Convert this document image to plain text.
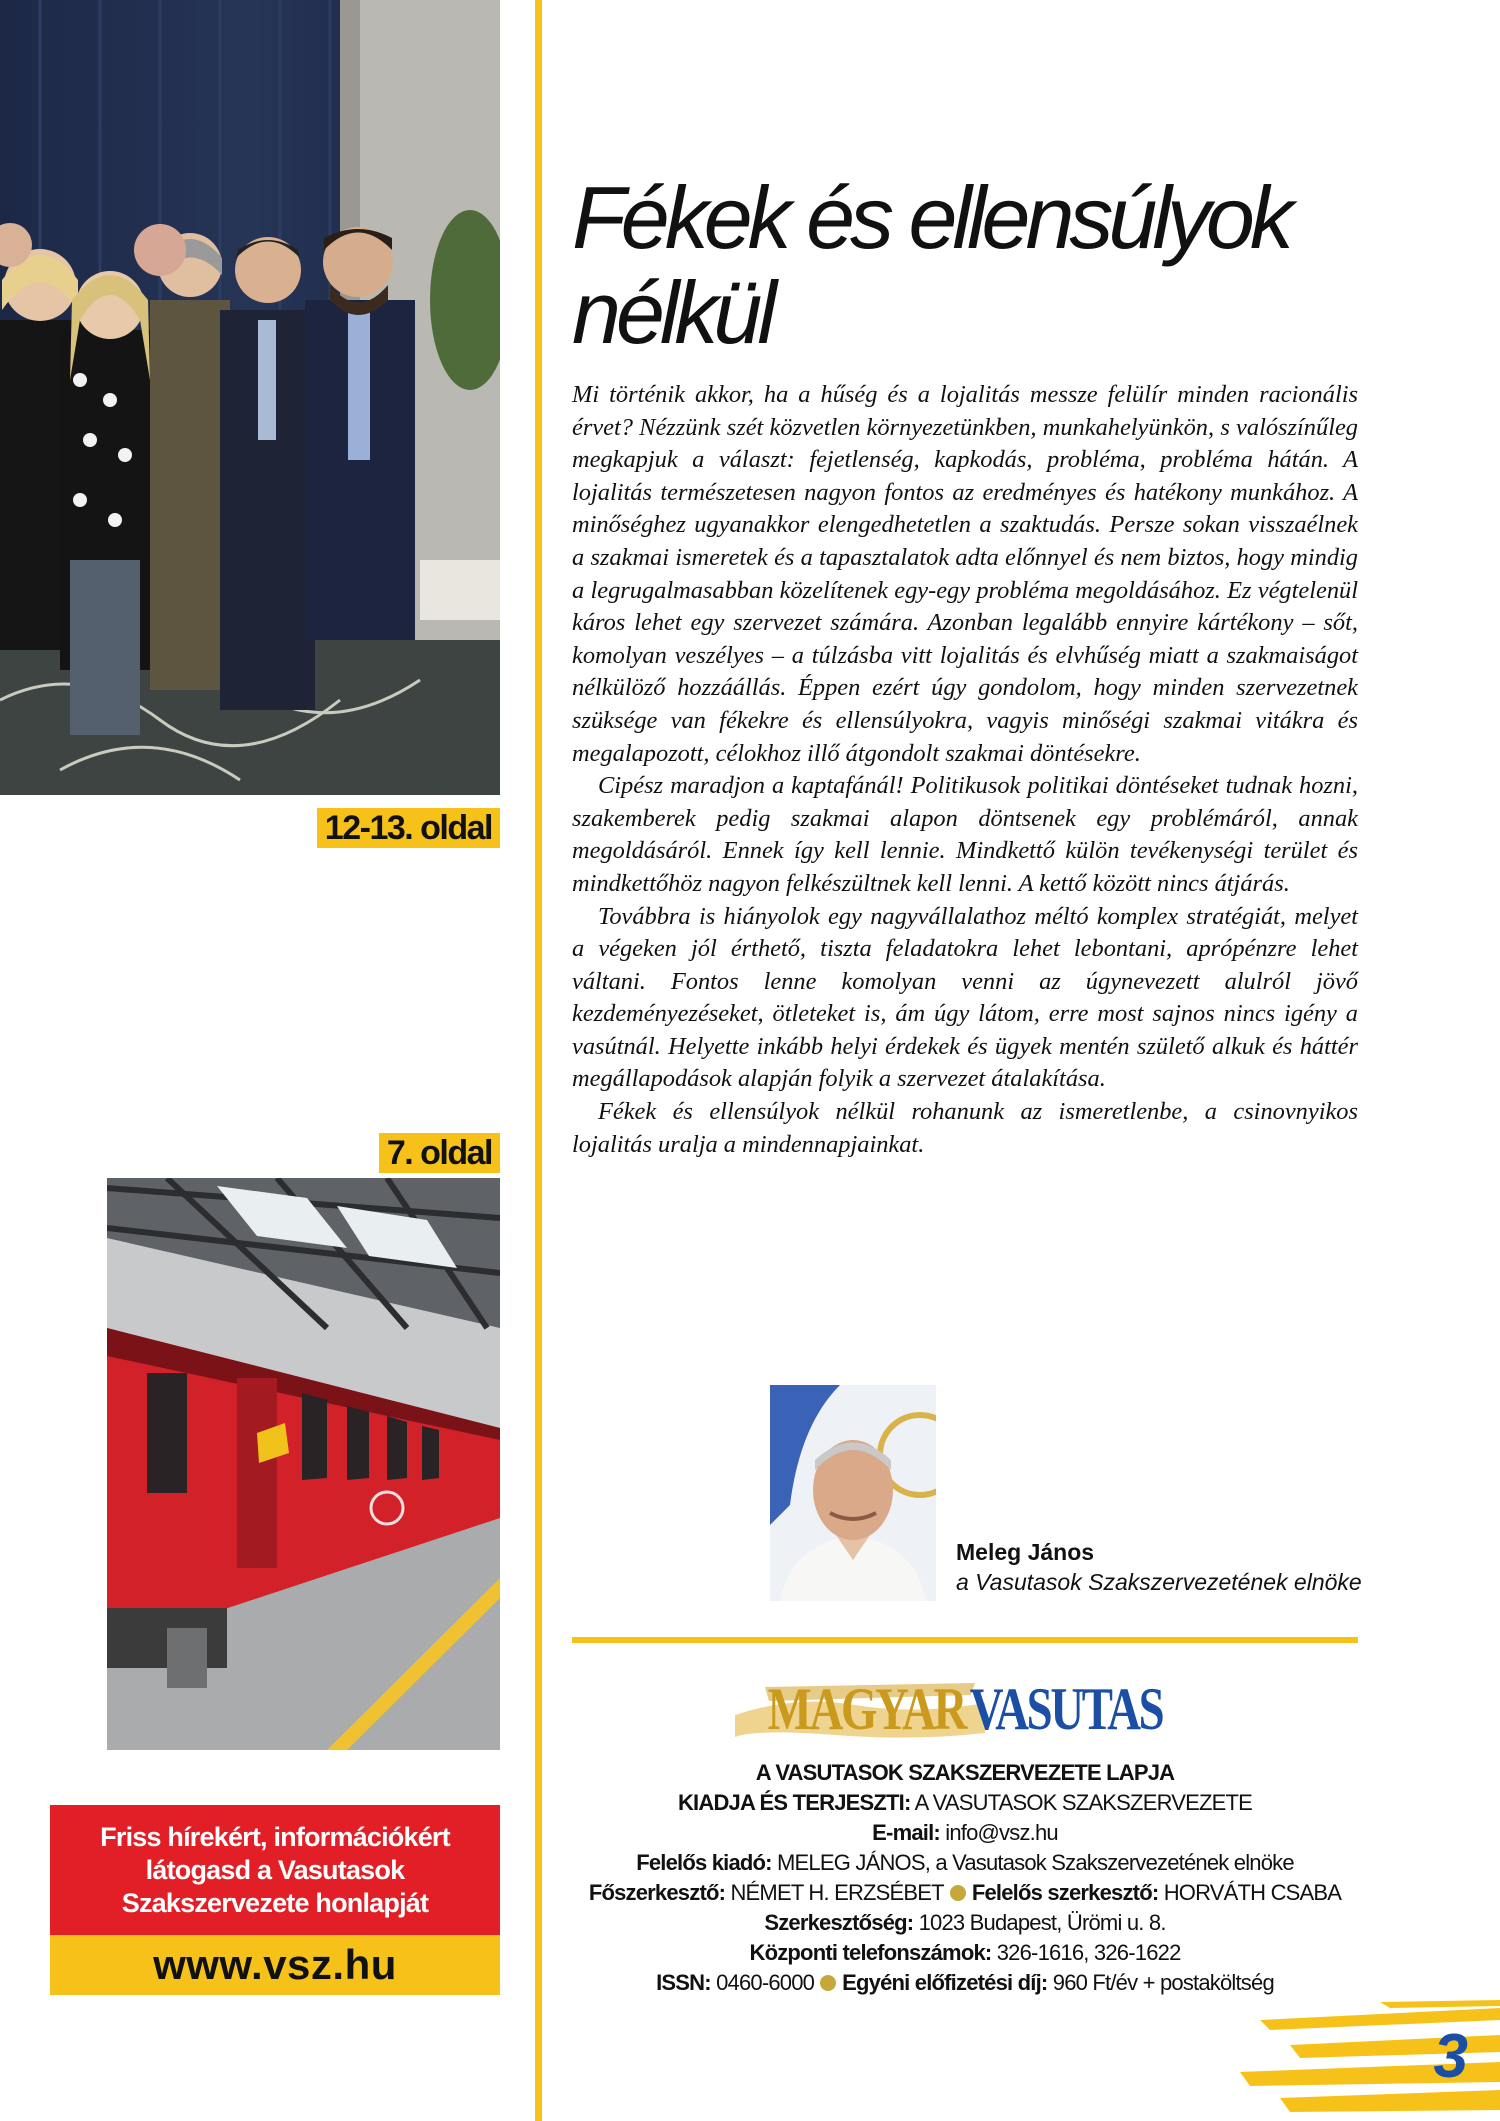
12-13. oldal
7. oldal
Friss hírekért, információkért
látogasd a Vasutasok
Szakszervezete honlapját
www.vsz.hu
Fékek és ellensúlyok
nélkül

Mi történik akkor, ha a hűség és a lojalitás messze felülír minden racionális érvet? Nézzünk szét közvetlen környezetünkben, munkahelyünkön, s valószínűleg megkapjuk a választ: fejetlenség, kapkodás, probléma, probléma hátán. A lojalitás természetesen nagyon fontos az eredményes és hatékony munkához. A minőséghez ugyanakkor elengedhetetlen a szaktudás. Persze sokan visszaélnek a szakmai ismeretek és a tapasztalatok adta előnnyel és nem biztos, hogy mindig a legrugalmasabban közelítenek egy-egy probléma megoldásához. Ez végtelenül káros lehet egy szervezet számára. Azonban legalább ennyire kártékony – sőt, komolyan veszélyes – a túlzásba vitt lojalitás és elvhűség miatt a szakmaiságot nélkülöző hozzáállás. Éppen ezért úgy gondolom, hogy minden szervezetnek szüksége van fékekre és ellensúlyokra, vagyis minőségi szakmai vitákra és megalapozott, célokhoz illő átgondolt szakmai döntésekre.

Cipész maradjon a kaptafánál! Politikusok politikai döntéseket tudnak hozni, szakemberek pedig szakmai alapon döntsenek egy problémáról, annak megoldásáról. Ennek így kell lennie. Mindkettő külön tevékenységi terület és mindkettőhöz nagyon felkészültnek kell lenni. A kettő között nincs átjárás.

Továbbra is hiányolok egy nagyvállalathoz méltó komplex stratégiát, melyet a végeken jól érthető, tiszta feladatokra lehet lebontani, aprópénzre lehet váltani. Fontos lenne komolyan venni az úgynevezett alulról jövő kezdeményezéseket, ötleteket is, ám úgy látom, erre most sajnos nincs igény a vasútnál. Helyette inkább helyi érdekek és ügyek mentén születő alkuk és háttér megállapodások alapján folyik a szervezet átalakítása.

Fékek és ellensúlyok nélkül rohanunk az ismeretlenbe, a csinovnyikos lojalitás uralja a mindennapjainkat.

Meleg János
a Vasutasok Szakszervezetének elnöke
MAGYAR VASUTAS
A VASUTASOK SZAKSZERVEZETE LAPJA
KIADJA ÉS TERJESZTI: A VASUTASOK SZAKSZERVEZETE
E-mail: info@vsz.hu
Felelős kiadó: MELEG JÁNOS, a Vasutasok Szakszervezetének elnöke
Főszerkesztő: NÉMET H. ERZSÉBET Felelős szerkesztő: HORVÁTH CSABA
Szerkesztőség: 1023 Budapest, Ürömi u. 8.
Központi telefonszámok: 326-1616, 326-1622
ISSN: 0460-6000 Egyéni előfizetési díj: 960 Ft/év + postaköltség
3
